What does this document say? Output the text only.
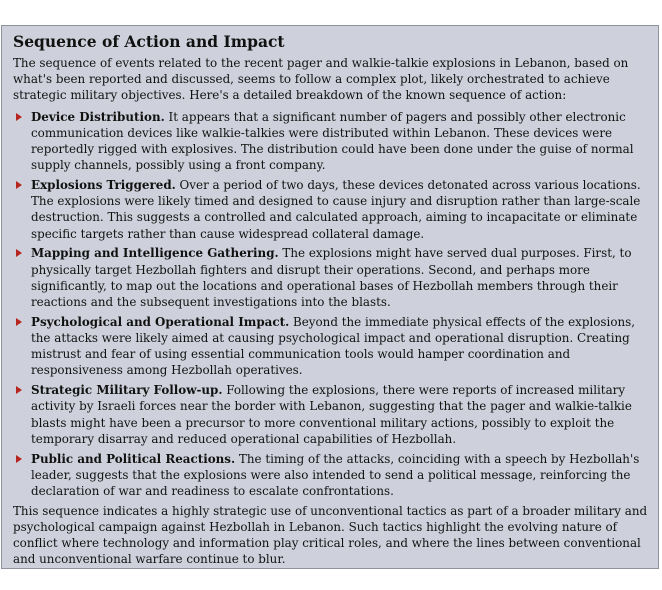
Sequence of Action and Impact

The sequence of events related to the recent pager and walkie-talkie explosions in Lebanon, based on what's been reported and discussed, seems to follow a complex plot, likely orchestrated to achieve strategic military objectives. Here's a detailed breakdown of the known sequence of action:

Device Distribution. It appears that a significant number of pagers and possibly other electronic communication devices like walkie-talkies were distributed within Lebanon. These devices were reportedly rigged with explosives. The distribution could have been done under the guise of normal supply channels, possibly using a front company.
Explosions Triggered. Over a period of two days, these devices detonated across various locations. The explosions were likely timed and designed to cause injury and disruption rather than large-scale destruction. This suggests a controlled and calculated approach, aiming to incapacitate or eliminate specific targets rather than cause widespread collateral damage.
Mapping and Intelligence Gathering. The explosions might have served dual purposes. First, to physically target Hezbollah fighters and disrupt their operations. Second, and perhaps more significantly, to map out the locations and operational bases of Hezbollah members through their reactions and the subsequent investigations into the blasts.
Psychological and Operational Impact. Beyond the immediate physical effects of the explosions, the attacks were likely aimed at causing psychological impact and operational disruption. Creating mistrust and fear of using essential communication tools would hamper coordination and responsiveness among Hezbollah operatives.
Strategic Military Follow-up. Following the explosions, there were reports of increased military activity by Israeli forces near the border with Lebanon, suggesting that the pager and walkie-talkie blasts might have been a precursor to more conventional military actions, possibly to exploit the temporary disarray and reduced operational capabilities of Hezbollah.
Public and Political Reactions. The timing of the attacks, coinciding with a speech by Hezbollah's leader, suggests that the explosions were also intended to send a political message, reinforcing the declaration of war and readiness to escalate confrontations.

This sequence indicates a highly strategic use of unconventional tactics as part of a broader military and psychological campaign against Hezbollah in Lebanon. Such tactics highlight the evolving nature of conflict where technology and information play critical roles, and where the lines between conventional and unconventional warfare continue to blur.
